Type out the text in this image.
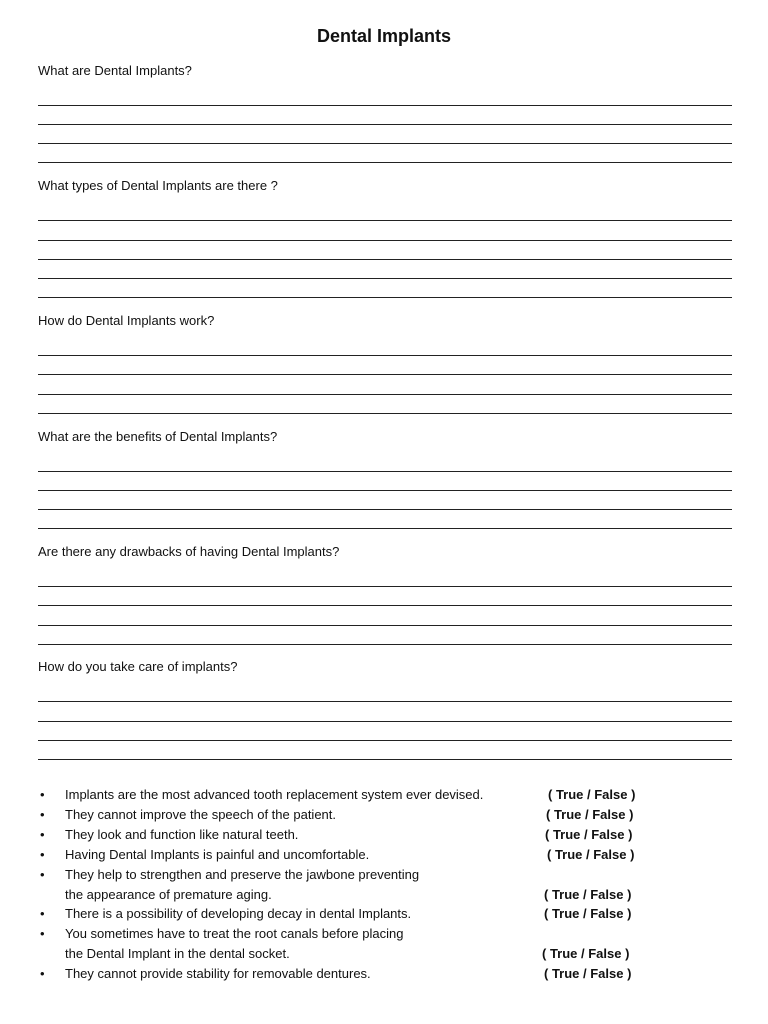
Dental Implants
What are Dental Implants?
What types of Dental Implants are there ?
How do Dental Implants work?
What are the benefits of Dental Implants?
Are there any drawbacks of having Dental Implants?
How do you take care of implants?
•	Implants are the most advanced tooth replacement system ever devised.	( True / False )
•	They cannot improve the speech of the patient.	( True / False )
•	They look and function like natural teeth.	( True / False )
•	Having Dental Implants is painful and uncomfortable.	( True / False )
•	They help to strengthen and preserve the jawbone preventing
the appearance of premature aging.	( True / False )
•	There is a possibility of developing decay in dental Implants.	( True / False )
•	You sometimes have to treat the root canals before placing
the Dental Implant in the dental socket.	( True / False )
•	They cannot provide stability for removable dentures.	( True / False )
